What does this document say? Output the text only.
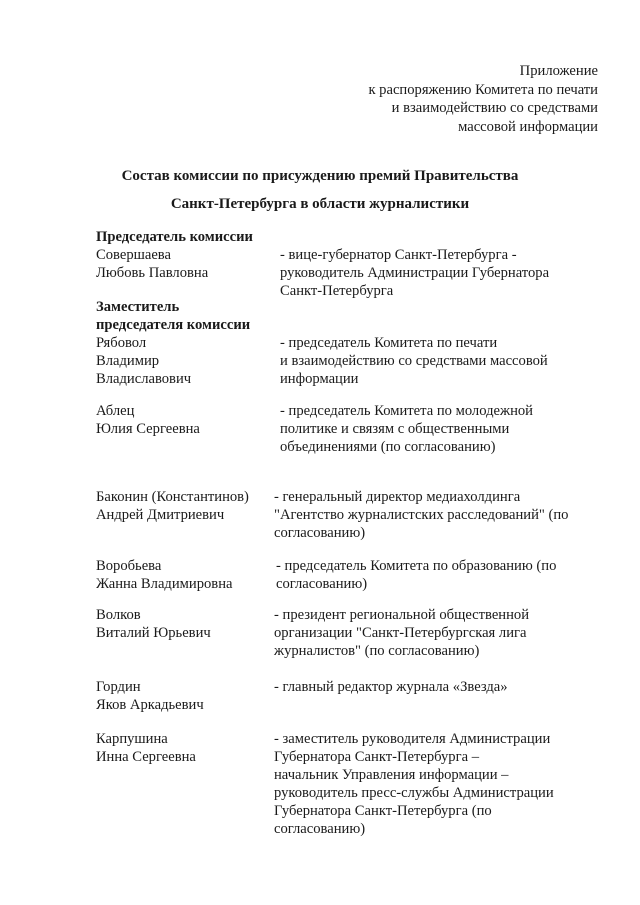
Приложение
к распоряжению Комитета по печати
и взаимодействию со средствами
массовой информации
Состав комиссии по присуждению премий Правительства
Санкт-Петербурга в области журналистики
Председатель комиссии
Совершаева
Любовь Павловна
- вице-губернатор Санкт-Петербурга -
руководитель Администрации Губернатора
Санкт-Петербурга
Заместитель
председателя комиссии
Рябовол
Владимир
Владиславович
- председатель Комитета по печати
и взаимодействию со средствами массовой
информации
Аблец
Юлия Сергеевна
- председатель Комитета по молодежной
политике и связям с общественными
объединениями (по согласованию)
Баконин (Константинов)
Андрей Дмитриевич
- генеральный директор медиахолдинга
"Агентство журналистских расследований" (по
согласованию)
Воробьева
Жанна Владимировна
- председатель Комитета по образованию (по
согласованию)
Волков
Виталий Юрьевич
- президент региональной общественной
организации "Санкт-Петербургская лига
журналистов" (по согласованию)
Гордин
Яков Аркадьевич
- главный редактор журнала «Звезда»
Карпушина
Инна Сергеевна
- заместитель руководителя Администрации
Губернатора Санкт-Петербурга –
начальник Управления информации –
руководитель пресс-службы Администрации
Губернатора Санкт-Петербурга (по
согласованию)
